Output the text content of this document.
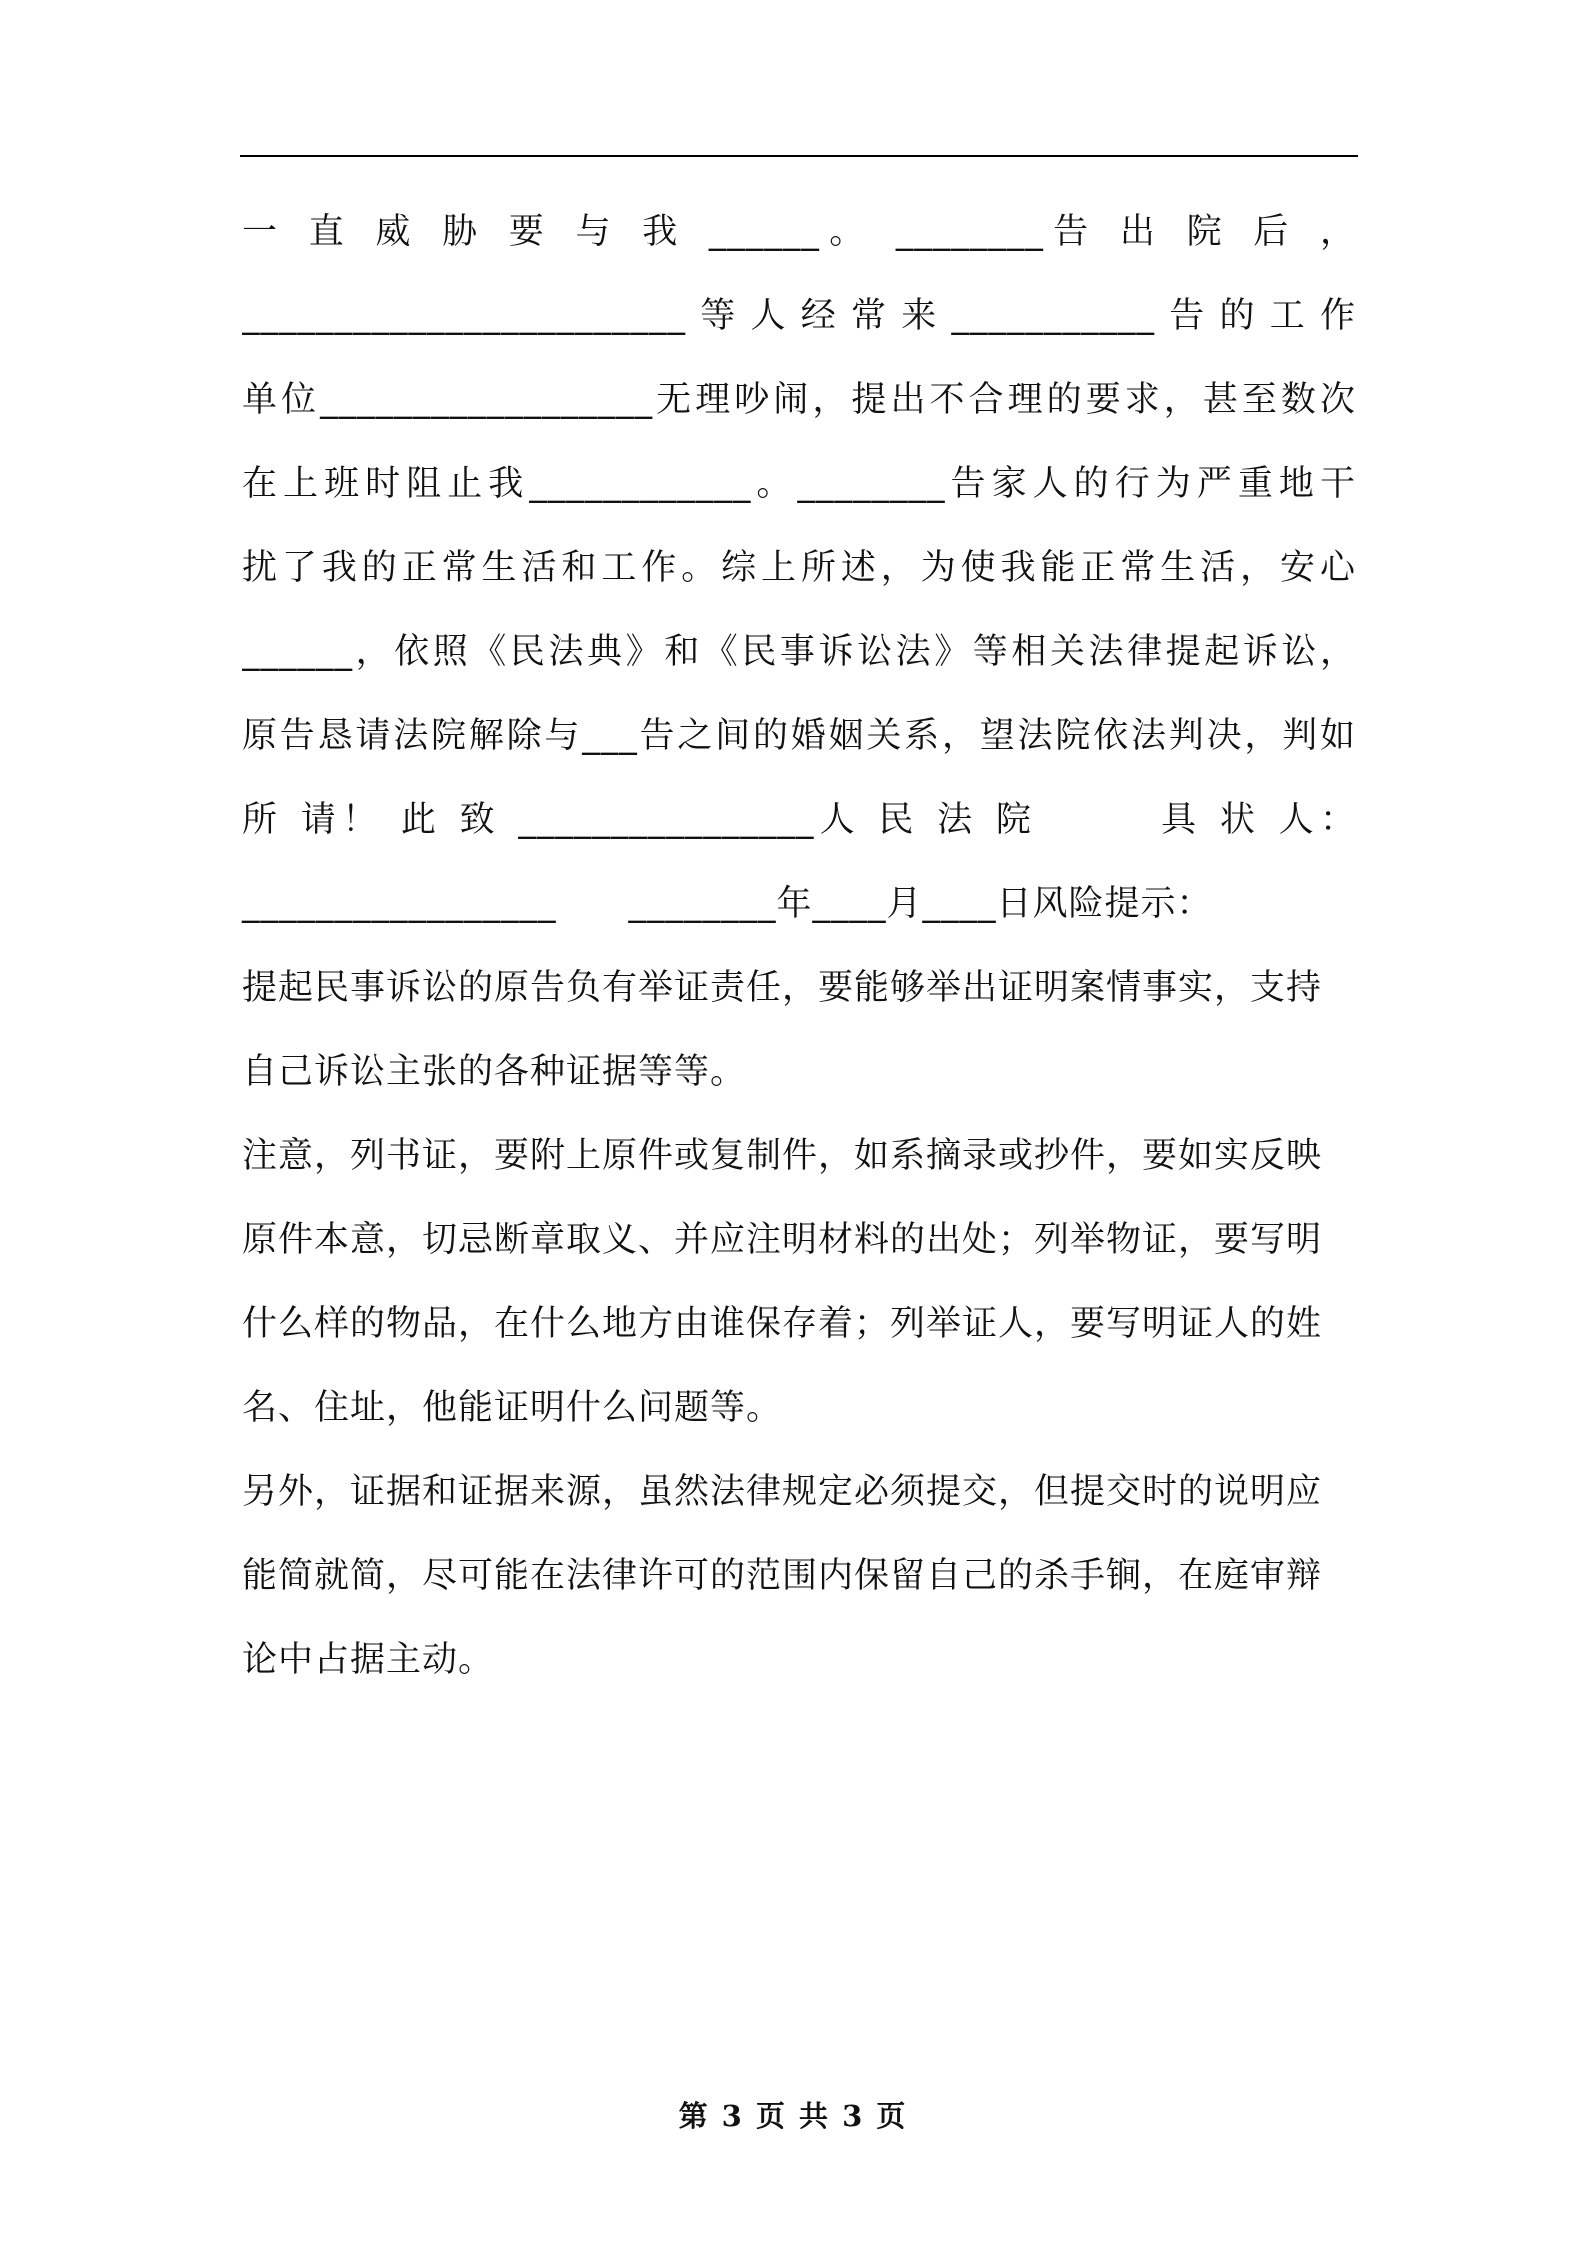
一 直 威 胁 要 与 我 ______。 ________告 出 院 后 ，
________________________等人经常来___________告的工作
单位__________________无理吵闹，提出不合理的要求，甚至数次
在上班时阻止我____________。________告家人的行为严重地干
扰了我的正常生活和工作。综上所述，为使我能正常生活，安心
______，依照《民法典》和《民事诉讼法》等相关法律提起诉讼，
原告恳请法院解除与___告之间的婚姻关系，望法院依法判决，判如
所 请！ 此 致 ________________人 民 法 院　　　具 状 人：
_________________　　________年____月____日风险提示：

提起民事诉讼的原告负有举证责任，要能够举出证明案情事实，支持自己诉讼主张的各种证据等等。

注意，列书证，要附上原件或复制件，如系摘录或抄件，要如实反映原件本意，切忌断章取义、并应注明材料的出处；列举物证，要写明什么样的物品，在什么地方由谁保存着；列举证人，要写明证人的姓名、住址，他能证明什么问题等。

另外，证据和证据来源，虽然法律规定必须提交，但提交时的说明应能简就简，尽可能在法律许可的范围内保留自己的杀手锏，在庭审辩论中占据主动。

第 3 页 共 3 页
